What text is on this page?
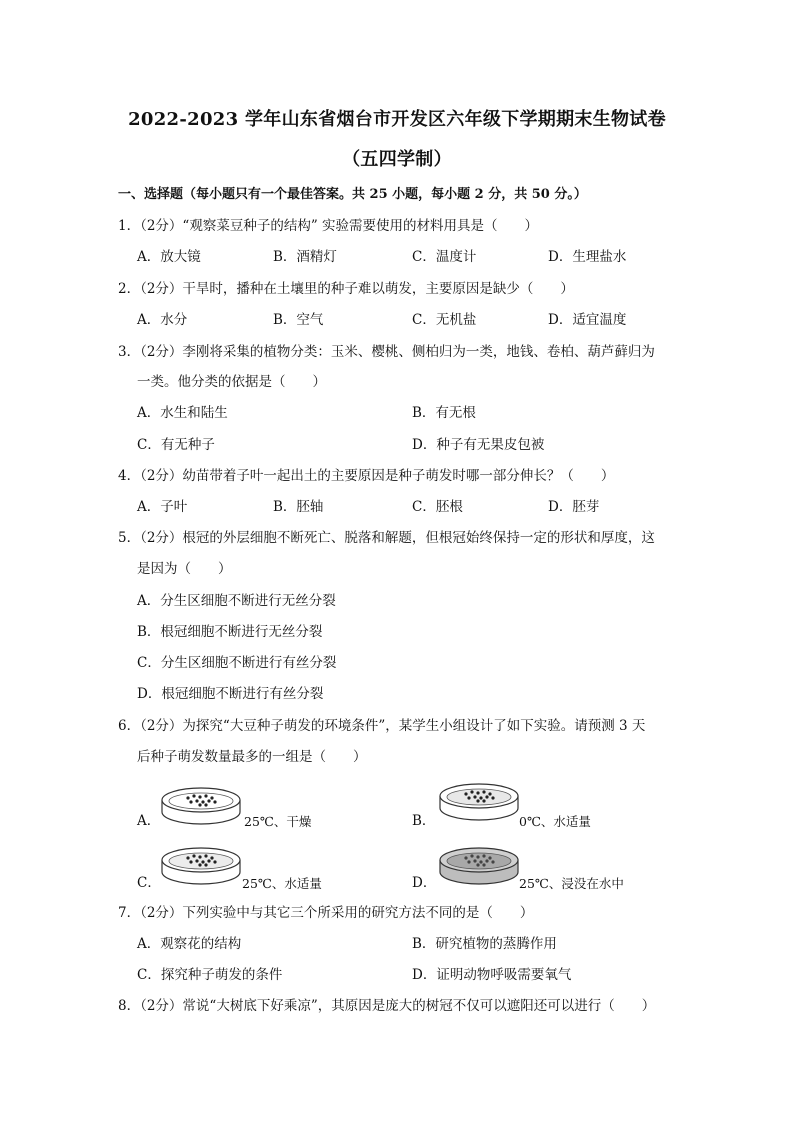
2022-2023 学年山东省烟台市开发区六年级下学期期末生物试卷
（五四学制）
一、选择题（每小题只有一个最佳答案。共 25 小题，每小题 2 分，共 50 分。）
1．（2分）“观察菜豆种子的结构” 实验需要使用的材料用具是（　　）
A．放大镜	B．酒精灯	C．温度计	D．生理盐水
2．（2分）干旱时，播种在土壤里的种子难以萌发，主要原因是缺少（　　）
A．水分	B．空气	C．无机盐	D．适宜温度
3．（2分）李刚将采集的植物分类：玉米、樱桃、侧柏归为一类，地钱、卷柏、葫芦藓归为
一类。他分类的依据是（　　）
A．水生和陆生	B．有无根
C．有无种子	D．种子有无果皮包被
4．（2分）幼苗带着子叶一起出土的主要原因是种子萌发时哪一部分伸长？（　　）
A．子叶	B．胚轴	C．胚根	D．胚芽
5．（2分）根冠的外层细胞不断死亡、脱落和解题，但根冠始终保持一定的形状和厚度，这
是因为（　　）
A．分生区细胞不断进行无丝分裂
B．根冠细胞不断进行无丝分裂
C．分生区细胞不断进行有丝分裂
D．根冠细胞不断进行有丝分裂
6．（2分）为探究“大豆种子萌发的环境条件”，某学生小组设计了如下实验。请预测 3 天
后种子萌发数量最多的一组是（　　）
A．	25℃、干燥	B．	0℃、水适量
C．	25℃、水适量	D．	25℃、浸没在水中
7．（2分）下列实验中与其它三个所采用的研究方法不同的是（　　）
A．观察花的结构	B．研究植物的蒸腾作用
C．探究种子萌发的条件	D．证明动物呼吸需要氧气
8．（2分）常说“大树底下好乘凉”，其原因是庞大的树冠不仅可以遮阳还可以进行（　　）
